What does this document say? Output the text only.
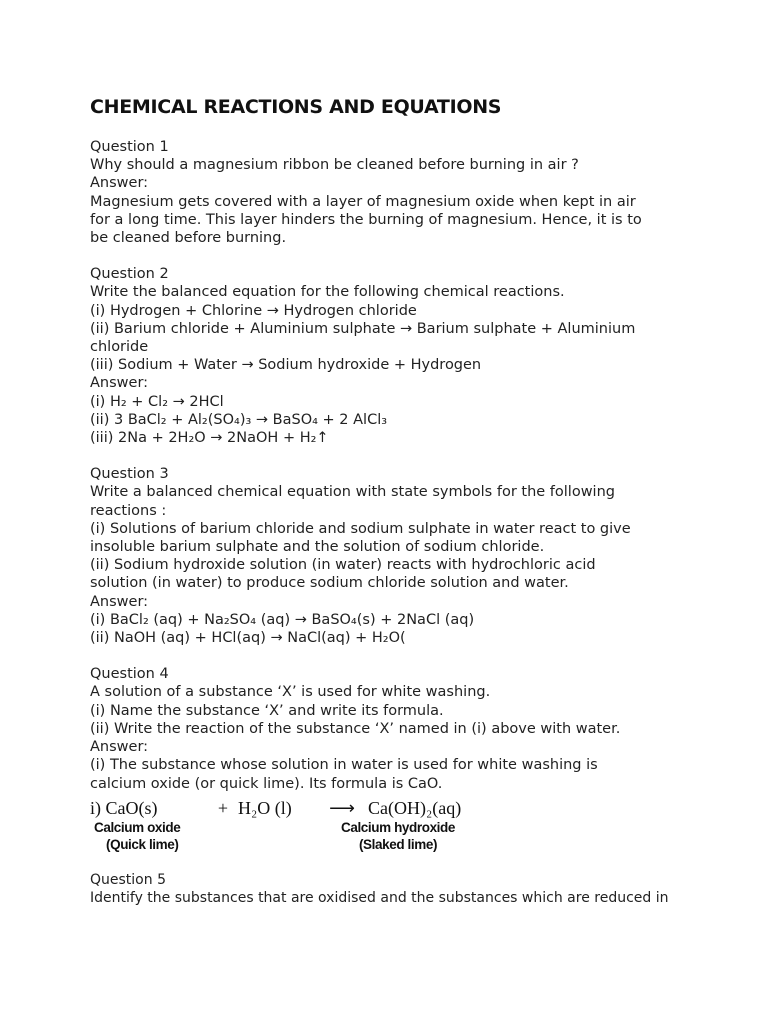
CHEMICAL REACTIONS AND EQUATIONS
Question 1
Why should a magnesium ribbon be cleaned before burning in air ?
Answer:
Magnesium gets covered with a layer of magnesium oxide when kept in air
for a long time. This layer hinders the burning of magnesium. Hence, it is to
be cleaned before burning.
Question 2
Write the balanced equation for the following chemical reactions.
(i) Hydrogen + Chlorine → Hydrogen chloride
(ii) Barium chloride + Aluminium sulphate → Barium sulphate + Aluminium
chloride
(iii) Sodium + Water → Sodium hydroxide + Hydrogen
Answer:
(i) H₂ + Cl₂ → 2HCl
(ii) 3 BaCl₂ + Al₂(SO₄)₃ → BaSO₄ + 2 AlCl₃
(iii) 2Na + 2H₂O → 2NaOH + H₂↑
Question 3
Write a balanced chemical equation with state symbols for the following
reactions :
(i) Solutions of barium chloride and sodium sulphate in water react to give
insoluble barium sulphate and the solution of sodium chloride.
(ii) Sodium hydroxide solution (in water) reacts with hydrochloric acid
solution (in water) to produce sodium chloride solution and water.
Answer:
(i) BaCl₂ (aq) + Na₂SO₄ (aq) → BaSO₄(s) + 2NaCl (aq)
(ii) NaOH (aq) + HCl(aq) → NaCl(aq) + H₂O(
Question 4
A solution of a substance ‘X’ is used for white washing.
(i) Name the substance ‘X’ and write its formula.
(ii) Write the reaction of the substance ‘X’ named in (i) above with water.
Answer:
(i) The substance whose solution in water is used for white washing is
calcium oxide (or quick lime). Its formula is CaO.
i) CaO(s)	+ H₂O (l)	⟶ Ca(OH)₂(aq)
Calcium oxide	Calcium hydroxide
(Quick lime)	(Slaked lime)
Question 5
Identify the substances that are oxidised and the substances which are reduced in
